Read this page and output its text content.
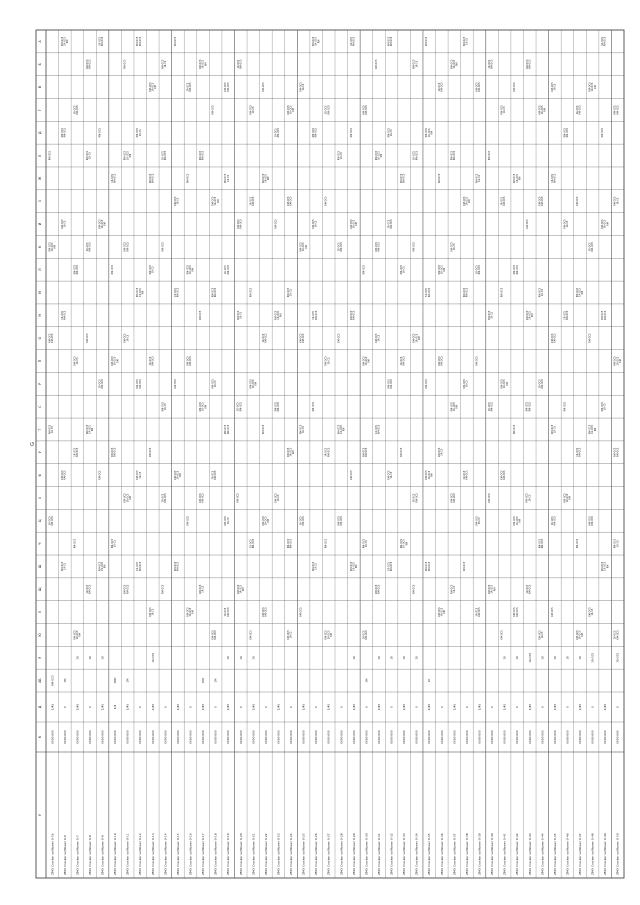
G
A
Б
В
Г
Д
Е
Ж
З
И
К
Л
М
Н
О
П
Р
С
Т
У
Ф
Х
Ц
Ч
Ш
Щ
Э
Ю
Я
АБ
Д
К
У
ZMO Cracker solflower 0-5b
1/45
0000-000
RM-OC5
ZMO Cracker solflower 0-6
0
0000-000
1M
ZMO Cracker solflower 0-7
1/45
0000-000
1R
ZMO Cracker solflower 0-8
0
0000-000
1R
ZMO Cracker solflower 0-9
1/45
0000-000
1R
ZMO Cracker solflower 0-10
1/4
0000-000
1MD
ZMO Cracker solflower 0-11
1/45
0000-000
1M
ZMO Cracker solflower 0-12
0
0000-000
ZMO Cracker solflower 0-13
1/45
0000-000
1R-OC5
ZMO Cracker solflower 0-14
0
0000-000
ZMO Cracker solflower 0-15
1/45
0000-000
ZMO Cracker solflower 0-16
0
0000-000
ZMO Cracker solflower 0-17
1/45
0000-000
1RD
ZMO Cracker solflower 0-18
0
0000-000
1M
ZMO Cracker solflower 0-19
1/45
0000-000
1R
ZMO Cracker solflower 0-20
0
0000-000
1R
ZMO Cracker solflower 0-21
1/45
0000-000
1R
ZMO Cracker solflower 0-22
0
0000-000
ZMO Cracker solflower 0-23
1/45
0000-000
ZMO Cracker solflower 0-24
0
0000-000
ZMO Cracker solflower 0-25
1/45
0000-000
ZMO Cracker solflower 0-26
0
0000-000
ZMO Cracker solflower 0-27
1/45
0000-000
ZMO Cracker solflower 0-28
0
0000-000
ZMO Cracker solflower 0-29
1/45
0000-000
1R
ZMO Cracker solflower 0-30
0
0000-000
1M
ZMO Cracker solflower 0-31
1/45
0000-000
1R
ZMO Cracker solflower 0-32
0
0000-000
1R
ZMO Cracker solflower 0-33
1/45
0000-000
1R
ZMO Cracker solflower 0-34
0
0000-000
1R
ZMO Cracker solflower 0-35
1/45
0000-000
1R
ZMO Cracker solflower 0-36
0
0000-000
ZMO Cracker solflower 0-37
1/45
0000-000
ZMO Cracker solflower 0-38
0
0000-000
ZMO Cracker solflower 0-39
1/45
0000-000
ZMO Cracker solflower 0-40
0
0000-000
ZMO Cracker solflower 0-41
1/45
0000-000
1R
ZMO Cracker solflower 0-42
0
0000-000
1R
ZMO Cracker solflower 0-43
1/45
0000-000
1R-OC5
ZMO Cracker solflower 0-44
0
0000-000
1R
ZMO Cracker solflower 0-45
1/45
0000-000
1R
ZMO Cracker solflower 0-46
0
0000-000
1R
ZMO Cracker solflower 0-47
1/45
0000-000
1R
ZMO Cracker solflower 0-48
0
0000-000
1R-OC5
ZMO Cracker solflower 0-49
1/45
0000-000
ZMO Cracker solflower 0-50
0
0000-000
1R-OC5
1R-OC5 RM-OC5
RM-OC5 1R-C5
RM-OC5 RM-OC5
RM-OC5 1R-OC5 RM
RM-OC5
RM-OC5 1R-C5
RM-OC5 RM-OC5
1R-OC5 RM-OC5
RM-OC5 1R-C5
RM-OC5 RM-OC5
RM-OC5 1R-OC5 RM
RM-OC5 1R-OC5 RM
RM-OC5
1R-OC5 RM-OC5
RM-OC5 1R-C5
RM-OC5 RM-OC5
1R-OC5 RM-OC5
1R-OC5 RM-OC5
RM-OC5 1R-OC5 RM
RM-OC5
1R-OC5 RM-OC5
RM-OC5 1R-C5
RM-OC5 RM-OC5
RM-OC5 1R-OC5 RM
RM-OC5
1R-OC5 RM-OC5
RM-OC5 1R-OC5 RM
RM-OC5
1R-OC5 RM-OC5
RM-OC5 1R-C5
RM-OC5 RM-OC5
RM-OC5 1R-OC5 RM
RM-OC5
1R-OC5 RM-OC5
RM-OC5 RM-OC5
RM-OC5 1R-OC5 RM
RM-OC5 1R-C5
RM-OC5 RM-OC5
RM-OC5 1R-OC5 RM
RM-OC5
1R-OC5 RM-OC5
RM-OC5 1R-C5
RM-OC5 RM-OC5
RM-OC5 1R-OC5 RM
RM-OC5 1R-C5
RM-OC5 RM-OC5
RM-OC5 1R-C5
RM-OC5
1R-OC5 RM-OC5
RM-OC5 1R-C5
RM-OC5 RM-OC5
RM-OC5 1R-OC5 RM
RM-OC5
1R-OC5 RM-OC5
RM-OC5 1R-C5
RM-OC5
1R-OC5 RM-OC5
RM-OC5 1R-C5
RM-OC5 RM-OC5
RM-OC5 1R-OC5 RM
RM-OC5
1R-OC5 RM-OC5
RM-OC5 1R-C5
RM-OC5
RM-OC5 1R-OC5 RM
RM-OC5
RM-OC5 RM-OC5
RM-OC5 1R-OC5 RM
RM-OC5
1R-OC5 RM-OC5
RM-OC5 1R-C5
RM-OC5 RM-OC5
RM-OC5 1R-OC5 RM
RM-OC5
RM-OC5 RM-OC5
RM-OC5 1R-OC5 RM
RM-OC5 RM-OC5
1R-OC5 RM-OC5
RM-OC5 1R-C5
RM-OC5 RM-OC5
RM-OC5 1R-OC5 RM
RM-OC5
1R-OC5 RM-OC5
RM-OC5 1R-C5
RM-OC5 RM-OC5
1R-OC5 RM-OC5
RM-OC5 1R-C5
RM-OC5 RM-OC5
RM-OC5 1R-OC5 RM
RM-OC5
1R-OC5 RM-OC5
RM-OC5 1R-C5
RM-OC5 RM-OC5
1R-OC5 RM-OC5
RM-OC5
1R-OC5 RM-OC5
RM-OC5 1R-OC5 RM
RM-OC5
1R-OC5 RM-OC5
RM-OC5 1R-C5
RM-OC5 RM-OC5
RM-OC5 1R-OC5 RM
RM-OC5
1R-OC5 RM-OC5
RM-OC5 1R-OC5 RM
RM-OC5
RM-OC5 1R-C5
RM-OC5 RM-OC5
RM-OC5 1R-OC5 RM
RM-OC5
1R-OC5 RM-OC5
RM-OC5 1R-C5
RM-OC5 RM-OC5
RM-OC5 1R-OC5 RM
RM-OC5 1R-C5
RM-OC5 RM-OC5
RM-OC5 1R-OC5 RM
RM-OC5
1R-OC5 RM-OC5
RM-OC5 1R-C5
RM-OC5 RM-OC5
RM-OC5 1R-OC5 RM
RM-OC5 1R-C5
RM-OC5 1R-C5
RM-OC5
1R-OC5 RM-OC5
RM-OC5 1R-C5
RM-OC5 RM-OC5
RM-OC5 1R-OC5 RM
RM-OC5 1R-OC5 RM
RM-OC5
1R-OC5 RM-OC5
RM-OC5 1R-C5
RM-OC5
1R-OC5 RM-OC5
RM-OC5 RM-OC5
RM-OC5 1R-OC5 RM
RM-OC5
1R-OC5 RM-OC5
RM-OC5 1R-C5
RM-OC5 1R-OC5 RM
RM-OC5
RM-OC5 RM-OC5
RM-OC5 1R-OC5 RM
RM-OC5
1R-OC5 RM-OC5
1R-OC5 RM-OC5
RM-OC5 1R-C5
RM-OC5 RM-OC5
RM-OC5 1R-OC5 RM
RM-OC5
RM-OC5 RM-OC5
RM-OC5 RM-OC5
1R-OC5 RM-OC5
RM-OC5 1R-C5
RM-OC5 RM-OC5
RM-OC5 1R-OC5 RM
RM-OC5
1R-OC5 RM-OC5
RM-OC5 1R-C5
RM-OC5 RM-OC5
1R-OC5 RM-OC5
RM-OC5 1R-C5
RM-OC5 RM-OC5
RM-OC5 1R-OC5 RM
RM-OC5
1R-OC5 RM-OC5
RM-OC5 1R-C5
RM-OC5 RM-OC5
RM-OC5
1R-OC5 RM-OC5
RM-OC5 1R-OC5 RM
RM-OC5
1R-OC5 RM-OC5
RM-OC5 1R-C5
RM-OC5 RM-OC5
RM-OC5 1R-OC5 RM
RM-OC5
1R-OC5 RM-OC5
RM-OC5 1R-OC5 RM
RM-OC5
RM-OC5 1R-OC5 RM
RM-OC5 1R-C5
RM-OC5 RM-OC5
RM-OC5 1R-OC5 RM
RM-OC5
1R-OC5 RM-OC5
RM-OC5 1R-C5
RM-OC5 RM-OC5
RM-OC5 1R-OC5 RM
RM-OC5 1R-C5
RM-OC5 RM-OC5
RM-OC5 1R-OC5 RM
RM-OC5
1R-OC5 RM-OC5
RM-OC5 1R-C5
RM-OC5 RM-OC5
RM-OC5 1R-OC5 RM
RM-OC5 1R-C5
1R-OC5 RM-OC5
RM-OC5 1R-C5
RM-OC5
1R-OC5 RM-OC5
RM-OC5 1R-C5
RM-OC5 RM-OC5
RM-OC5 1R-OC5 RM
RM-OC5
1R-OC5 RM-OC5
RM-OC5 1R-C5
RM-OC5
1R-OC5 RM-OC5
RM-OC5
RM-OC5 RM-OC5
RM-OC5 1R-OC5 RM
RM-OC5
1R-OC5 RM-OC5
RM-OC5 1R-C5
RM-OC5 RM-OC5
RM-OC5 1R-OC5 RM
RM-OC5
RM-OC5 RM-OC5
RM-OC5 1R-OC5 RM
RM-OC5
1R-OC5 RM-OC5
RM-OC5 1R-C5
RM-OC5 RM-OC5
RM-OC5 1R-OC5 RM
RM-OC5
RM-OC5 RM-OC5
RM-OC5 1R-C5
RM-OC5 RM-OC5
1R-OC5 RM-OC5
RM-OC5 1R-C5
RM-OC5 RM-OC5
RM-OC5 1R-OC5 RM
RM-OC5
1R-OC5 RM-OC5
RM-OC5 1R-C5
RM-OC5 RM-OC5
1R-OC5 RM-OC5
RM-OC5 1R-C5
RM-OC5 1R-OC5 RM
RM-OC5
1R-OC5 RM-OC5
RM-OC5 1R-C5
RM-OC5 RM-OC5
RM-OC5 1R-OC5 RM
RM-OC5
1R-OC5 RM-OC5
RM-OC5 1R-OC5 RM
RM-OC5
1R-OC5 RM-OC5
RM-OC5 1R-C5
RM-OC5 RM-OC5
RM-OC5 1R-OC5 RM
RM-OC5
1R-OC5 RM-OC5
RM-OC5 1R-OC5 RM
RM-OC5 1R-OC5 RM
RM-OC5 1R-C5
RM-OC5 RM-OC5
RM-OC5 1R-OC5 RM
RM-OC5
1R-OC5 RM-OC5
1R-OC5 RM-OC5
RM-OC5 1R-C5
RM-OC5 RM-OC5
RM-OC5 1R-OC5 RM
RM-OC5 1R-C5
RM-OC5 RM-OC5
